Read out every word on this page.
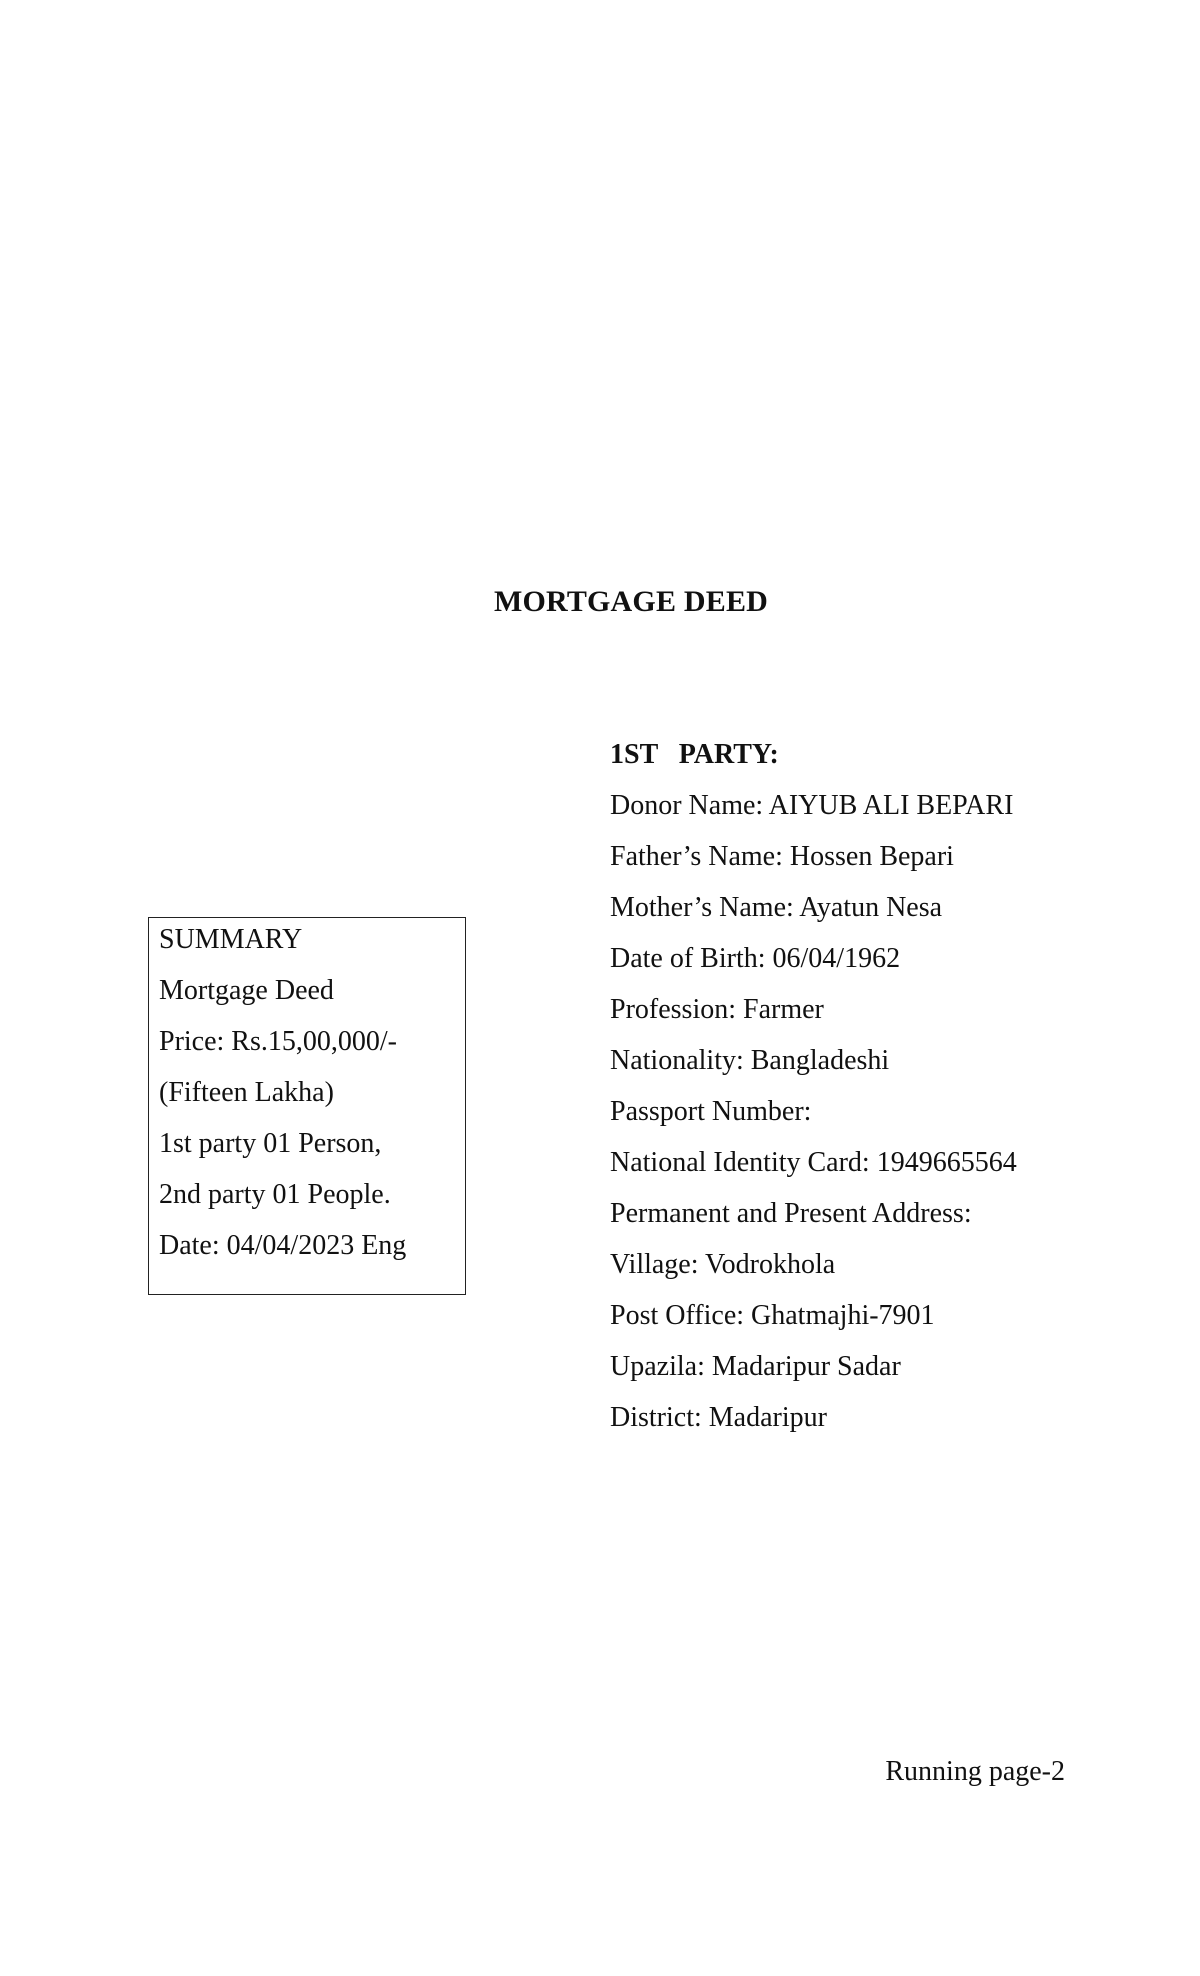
MORTGAGE DEED
SUMMARY
Mortgage Deed
Price: Rs.15,00,000/-
(Fifteen Lakha)
1st party 01 Person,
2nd party 01 People.
Date: 04/04/2023 Eng
1ST   PARTY:
Donor Name: AIYUB ALI BEPARI
Father’s Name: Hossen Bepari
Mother’s Name: Ayatun Nesa
Date of Birth: 06/04/1962
Profession: Farmer
Nationality: Bangladeshi
Passport Number:
National Identity Card: 1949665564
Permanent and Present Address:
Village: Vodrokhola
Post Office: Ghatmajhi-7901
Upazila: Madaripur Sadar
District: Madaripur
Running page-2
